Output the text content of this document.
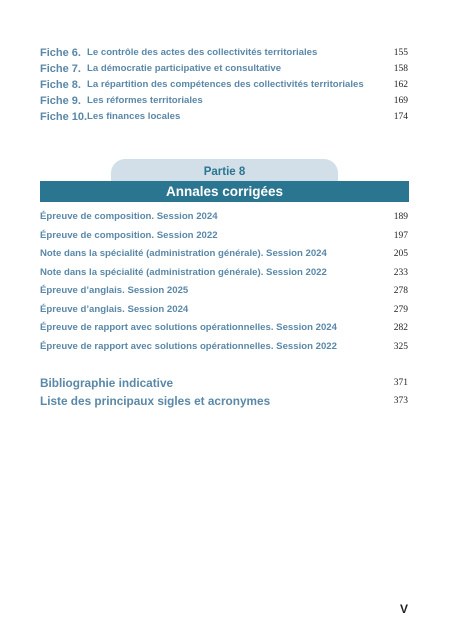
Fiche 6. Le contrôle des actes des collectivités territoriales	155
Fiche 7. La démocratie participative et consultative	158
Fiche 8. La répartition des compétences des collectivités territoriales	162
Fiche 9. Les réformes territoriales	169
Fiche 10. Les finances locales	174
Partie 8
Annales corrigées
Épreuve de composition. Session 2024	189
Épreuve de composition. Session 2022	197
Note dans la spécialité (administration générale). Session 2024	205
Note dans la spécialité (administration générale). Session 2022	233
Épreuve d’anglais. Session 2025	278
Épreuve d’anglais. Session 2024	279
Épreuve de rapport avec solutions opérationnelles. Session 2024	282
Épreuve de rapport avec solutions opérationnelles. Session 2022	325
Bibliographie indicative	371
Liste des principaux sigles et acronymes	373
V
